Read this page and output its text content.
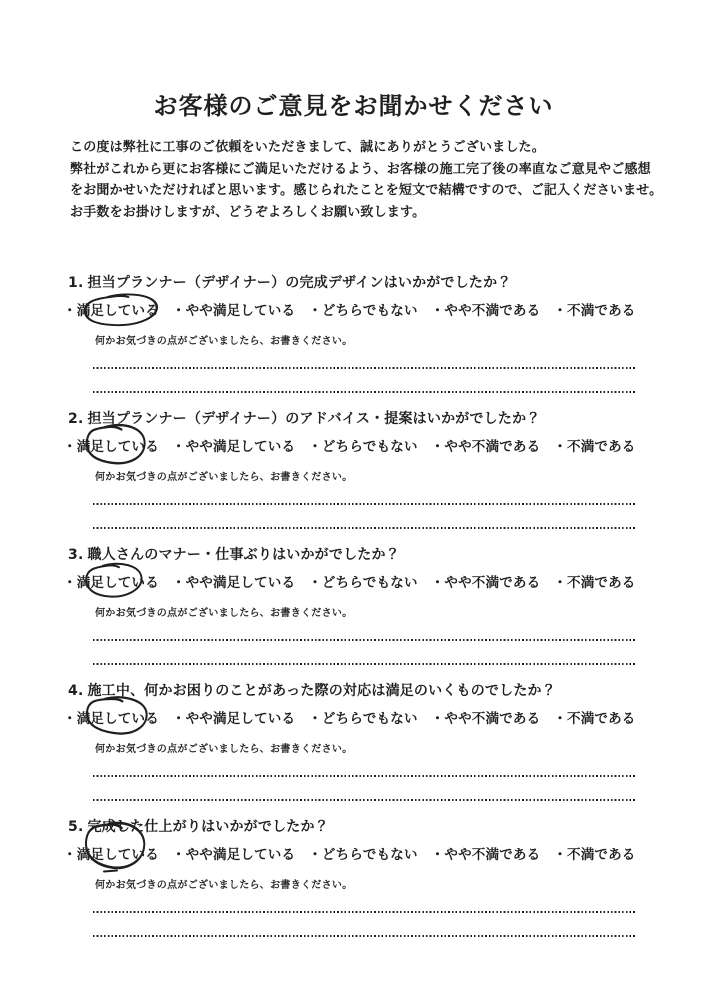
お客様のご意見をお聞かせください

この度は弊社に工事のご依頼をいただきまして、誠にありがとうございました。

弊社がこれから更にお客様にご満足いただけるよう、お客様の施工完了後の率直なご意見やご感想

をお聞かせいただければと思います。感じられたことを短文で結構ですので、ご記入くださいませ。

お手数をお掛けしますが、どうぞよろしくお願い致します。

1. 担当プランナー（デザイナー）の完成デザインはいかがでしたか？
・ 満足している ・ やや満足している ・ どちらでもない ・ やや不満である ・ 不満である
何かお気づきの点がございましたら、お書きください。
2. 担当プランナー（デザイナー）のアドバイス・提案はいかがでしたか？
・ 満足している ・ やや満足している ・ どちらでもない ・ やや不満である ・ 不満である
何かお気づきの点がございましたら、お書きください。
3. 職人さんのマナー・仕事ぶりはいかがでしたか？
・ 満足している ・ やや満足している ・ どちらでもない ・ やや不満である ・ 不満である
何かお気づきの点がございましたら、お書きください。
4. 施工中、何かお困りのことがあった際の対応は満足のいくものでしたか？
・ 満足している ・ やや満足している ・ どちらでもない ・ やや不満である ・ 不満である
何かお気づきの点がございましたら、お書きください。
5. 完成した仕上がりはいかがでしたか？
・ 満足している ・ やや満足している ・ どちらでもない ・ やや不満である ・ 不満である
何かお気づきの点がございましたら、お書きください。
